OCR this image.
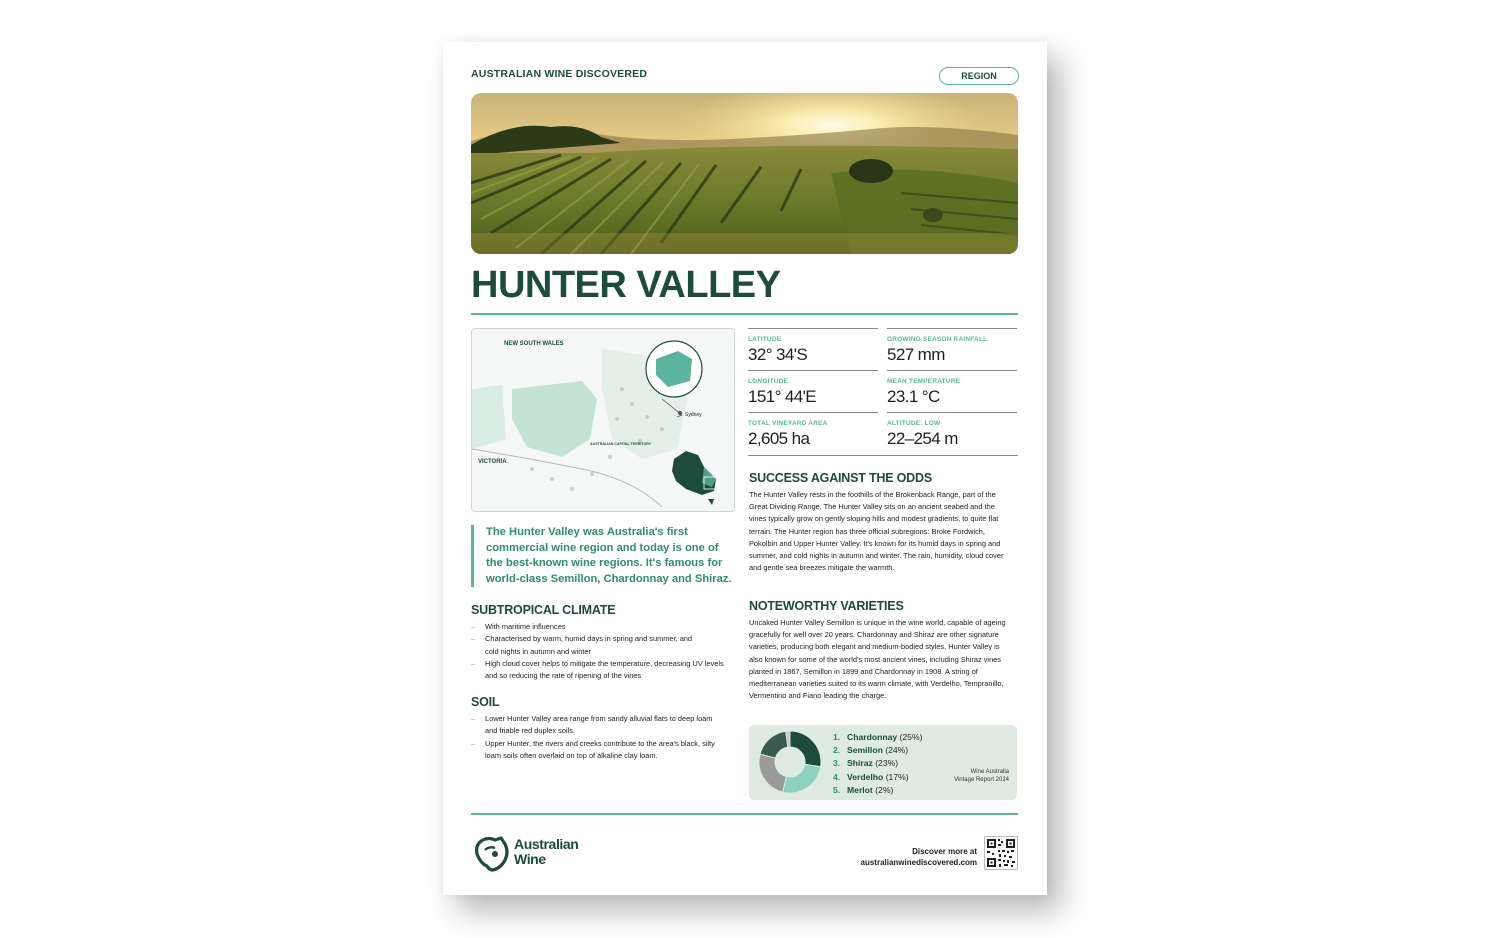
AUSTRALIAN WINE DISCOVERED	REGION
HUNTER VALLEY
Sydney
NEW SOUTH WALES
VICTORIA
AUSTRALIAN CAPITAL TERRITORY
LATITUDE
32° 34'S
GROWING SEASON RAINFALL
527 mm
LONGITUDE
151° 44'E
MEAN TEMPERATURE
23.1 °C
TOTAL VINEYARD AREA
2,605 ha
ALTITUDE: LOW
22–254 m
The Hunter Valley was Australia's first commercial wine region and today is one of the best-known wine regions. It's famous for world-class Semillon, Chardonnay and Shiraz.
SUBTROPICAL CLIMATE
– With maritime influences
– Characterised by warm, humid days in spring and summer, and cold nights in autumn and winter
– High cloud cover helps to mitigate the temperature, decreasing UV levels and so reducing the rate of ripening of the vines
SOIL
– Lower Hunter Valley area range from sandy alluvial flats to deep loam and friable red duplex soils.
– Upper Hunter, the rivers and creeks contribute to the area's black, silty loam soils often overlaid on top of alkaline clay loam.
SUCCESS AGAINST THE ODDS
The Hunter Valley rests in the foothills of the Brokenback Range, part of the Great Dividing Range. The Hunter Valley sits on an ancient seabed and the vines typically grow on gently sloping hills and modest gradients, to quite flat terrain. The Hunter region has three official subregions: Broke Fordwich, Pokolbin and Upper Hunter Valley. It's known for its humid days in spring and summer, and cold nights in autumn and winter. The rain, humidity, cloud cover and gentle sea breezes mitigate the warmth.
NOTEWORTHY VARIETIES
Uncaked Hunter Valley Semillon is unique in the wine world, capable of ageing gracefully for well over 20 years. Chardonnay and Shiraz are other signature varieties, producing both elegant and medium-bodied styles. Hunter Valley is also known for some of the world's most ancient vines, including Shiraz vines planted in 1867, Semillon in 1899 and Chardonnay in 1908. A string of mediterranean varieties suited to its warm climate, with Verdelho, Tempranillo, Vermentino and Fiano leading the charge.
1. Chardonnay (25%)
2. Semillon (24%)
3. Shiraz (23%)
4. Verdelho (17%)
5. Merlot (2%)
Wine Australia Vintage Report 2024
Australian
Wine	Discover more at
australianwinediscovered.com
